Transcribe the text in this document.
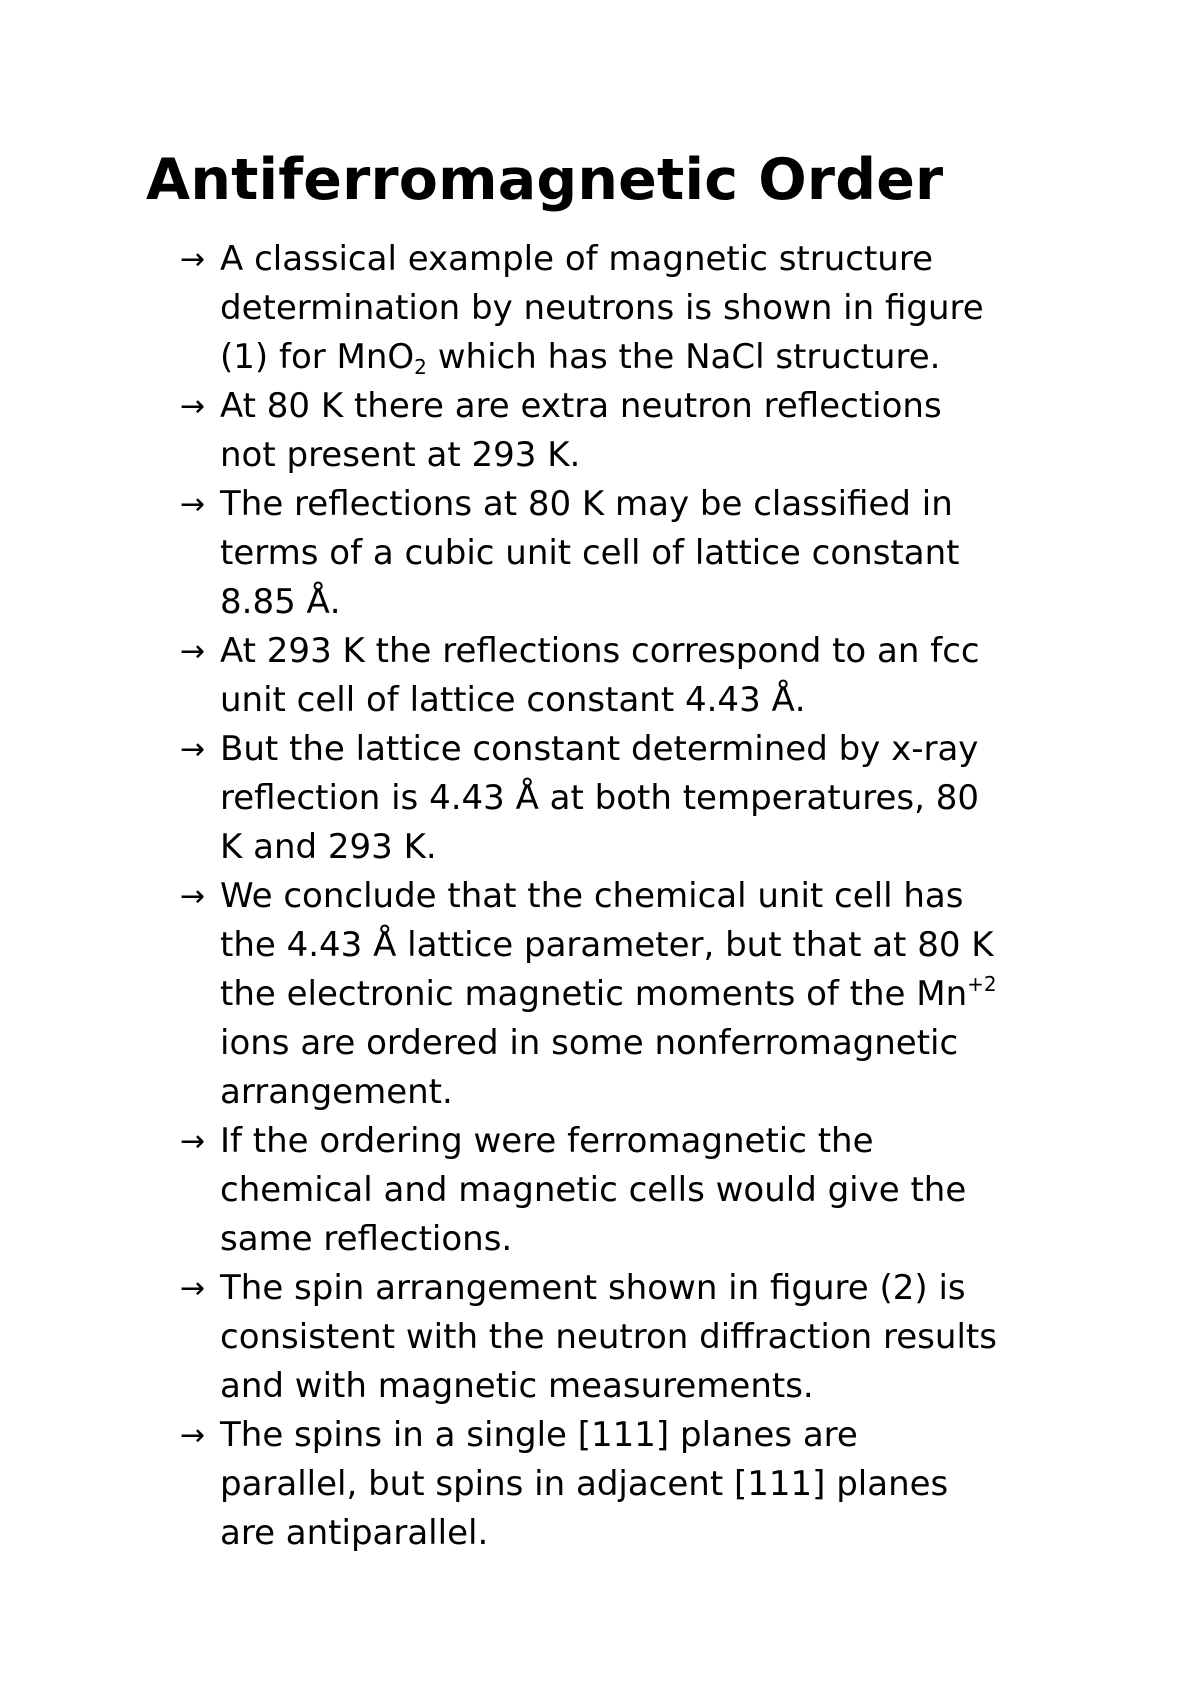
Antiferromagnetic Order
→ A classical example of magnetic structure
determination by neutrons is shown in figure
(1) for MnO$_2$ which has the NaCl structure.
→ At 80 K there are extra neutron reflections
not present at 293 K.
→ The reflections at 80 K may be classified in
terms of a cubic unit cell of lattice constant
8.85 Å.
→ At 293 K the reflections correspond to an fcc
unit cell of lattice constant 4.43 Å.
→ But the lattice constant determined by x-ray
reflection is 4.43 Å at both temperatures, 80
K and 293 K.
→ We conclude that the chemical unit cell has
the 4.43 Å lattice parameter, but that at 80 K
the electronic magnetic moments of the $Mn^{+2}$
ions are ordered in some nonferromagnetic
arrangement.
→ If the ordering were ferromagnetic the
chemical and magnetic cells would give the
same reflections.
→ The spin arrangement shown in figure (2) is
consistent with the neutron diffraction results
and with magnetic measurements.
→ The spins in a single [111] planes are
parallel, but spins in adjacent [111] planes
are antiparallel.
